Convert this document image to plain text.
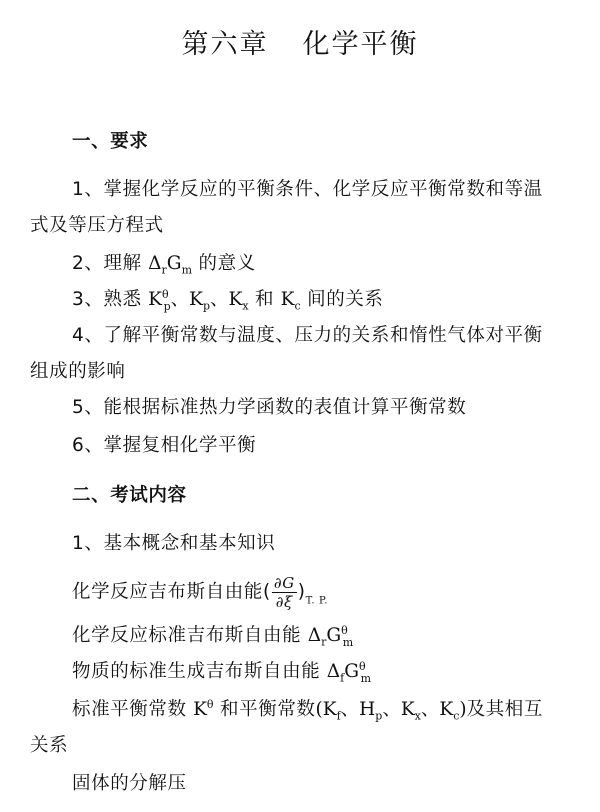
第六章 化学平衡
一、要求
1、掌握化学反应的平衡条件、化学反应平衡常数和等温
式及等压方程式
2、理解 $\Delta_rG_m$ 的意义
3、熟悉 $K^\theta_p$、$K_p$、$K_x$ 和 $K_c$ 间的关系
4、了解平衡常数与温度、压力的关系和惰性气体对平衡
组成的影响
5、能根据标准热力学函数的表值计算平衡常数
6、掌握复相化学平衡
二、考试内容
1、基本概念和基本知识
化学反应吉布斯自由能( $\frac{\partial G}{\partial\xi} )_{T. P.}$
化学反应标准吉布斯自由能 $\Delta_rG^\theta_m$
物质的标准生成吉布斯自由能 $\Delta_fG^\theta_m$
标准平衡常数 $K^\theta$ 和平衡常数($K_f$、$H_p$、$K_x$、$K_c$)及其相互
关系
固体的分解压
